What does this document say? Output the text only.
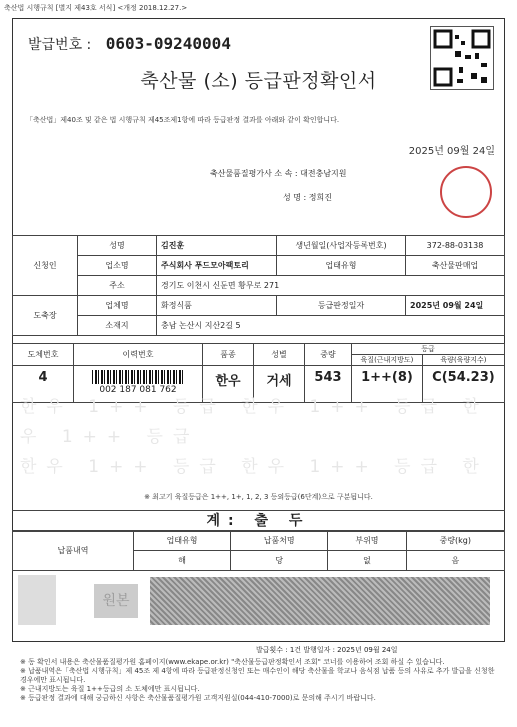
축산법 시행규칙 [별지 제43호 서식] <개정 2018.12.27.>
발급번호 : 0603-09240004
축산물 (소) 등급판정확인서
「축산법」제40조 및 같은 법 시행규칙 제45조제1항에 따라 등급판정 결과를 아래와 같이 확인합니다.
2025년 09월 24일
축산물품질평가사 소 속 : 대전충남지원
성 명 : 정희진
신청인	성명	김진훈	생년월일(사업자등록번호)	372-88-03138
	업소명	주식회사 푸드모아팩토리	업태유형	축산물판매업
	주소	경기도 이천시 신둔면 황무로 271		
도축장	업체명	화정식품	등급판정일자	2025년 09월 24일
	소재지	충남 논산시 지산2길 5		
도체번호	이력번호	품종	성별	중량	등급	
					육질(근내지방도)	육량(육량지수)
4	002 187 081 762	한우	거세	543	1++(8)	C(54.23)
한우 1++ 등급 한우 1++ 등급 한우 1++ 등급
한우 1++ 등급 한우 1++ 등급 한
※ 최고기 육질등급은 1++, 1+, 1, 2, 3 등외등급(6단계)으로 구분됩니다.
계: 출 두
납품내역	업태유형	납품처명	부위명	중량(kg)
	해	당	없	음
원본
발급횟수 : 1건 발행일자 : 2025년 09월 24일
※ 동 확인서 내용은 축산물품질평가원 홈페이지(www.ekape.or.kr) "축산물등급판정확인서 조회" 코너를 이용하여 조회 하실 수 있습니다.
※ 납품내역은「축산법 시행규칙」제 45조 제 4항에 따라 등급판정신청인 또는 매수인이 해당 축산물을 학교나 음식점 납품 등의 사유로 추가 발급을 신청한 경우에만 표시됩니다.
※ 근내지방도는 육질 1++등급의 소 도체에만 표시됩니다.
※ 등급판정 결과에 대해 궁금하신 사항은 축산물품질평가원 고객지원실(044-410-7000)로 문의해 주시기 바랍니다.
